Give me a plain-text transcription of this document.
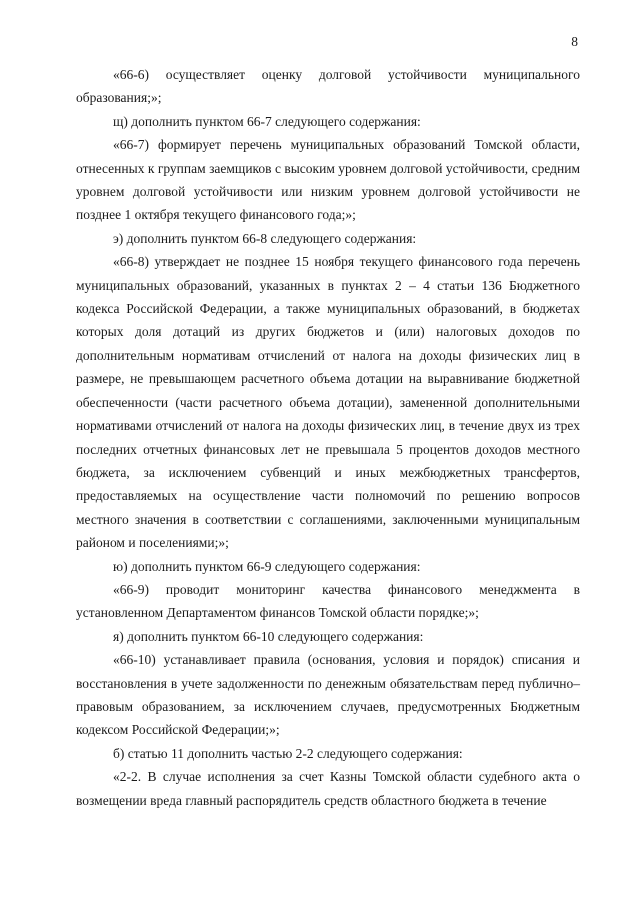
8

«66-6) осуществляет оценку долговой устойчивости муниципального образования;»;

щ) дополнить пунктом 66-7 следующего содержания:

«66-7) формирует перечень муниципальных образований Томской области, отнесенных к группам заемщиков с высоким уровнем долговой устойчивости, средним уровнем долговой устойчивости или низким уровнем долговой устойчивости не позднее 1 октября текущего финансового года;»;

э) дополнить пунктом 66-8 следующего содержания:

«66-8) утверждает не позднее 15 ноября текущего финансового года перечень муниципальных образований, указанных в пунктах 2 – 4 статьи 136 Бюджетного кодекса Российской Федерации, а также муниципальных образований, в бюджетах которых доля дотаций из других бюджетов и (или) налоговых доходов по дополнительным нормативам отчислений от налога на доходы физических лиц в размере, не превышающем расчетного объема дотации на выравнивание бюджетной обеспеченности (части расчетного объема дотации), замененной дополнительными нормативами отчислений от налога на доходы физических лиц, в течение двух из трех последних отчетных финансовых лет не превышала 5 процентов доходов местного бюджета, за исключением субвенций и иных межбюджетных трансфертов, предоставляемых на осуществление части полномочий по решению вопросов местного значения в соответствии с соглашениями, заключенными муниципальным районом и поселениями;»;

ю) дополнить пунктом 66-9 следующего содержания:

«66-9) проводит мониторинг качества финансового менеджмента в установленном Департаментом финансов Томской области порядке;»;

я) дополнить пунктом 66-10 следующего содержания:

«66-10) устанавливает правила (основания, условия и порядок) списания и восстановления в учете задолженности по денежным обязательствам перед публично–правовым образованием, за исключением случаев, предусмотренных Бюджетным кодексом Российской Федерации;»;

б) статью 11 дополнить частью 2-2 следующего содержания:

«2-2. В случае исполнения за счет Казны Томской области судебного акта о возмещении вреда главный распорядитель средств областного бюджета в течение
